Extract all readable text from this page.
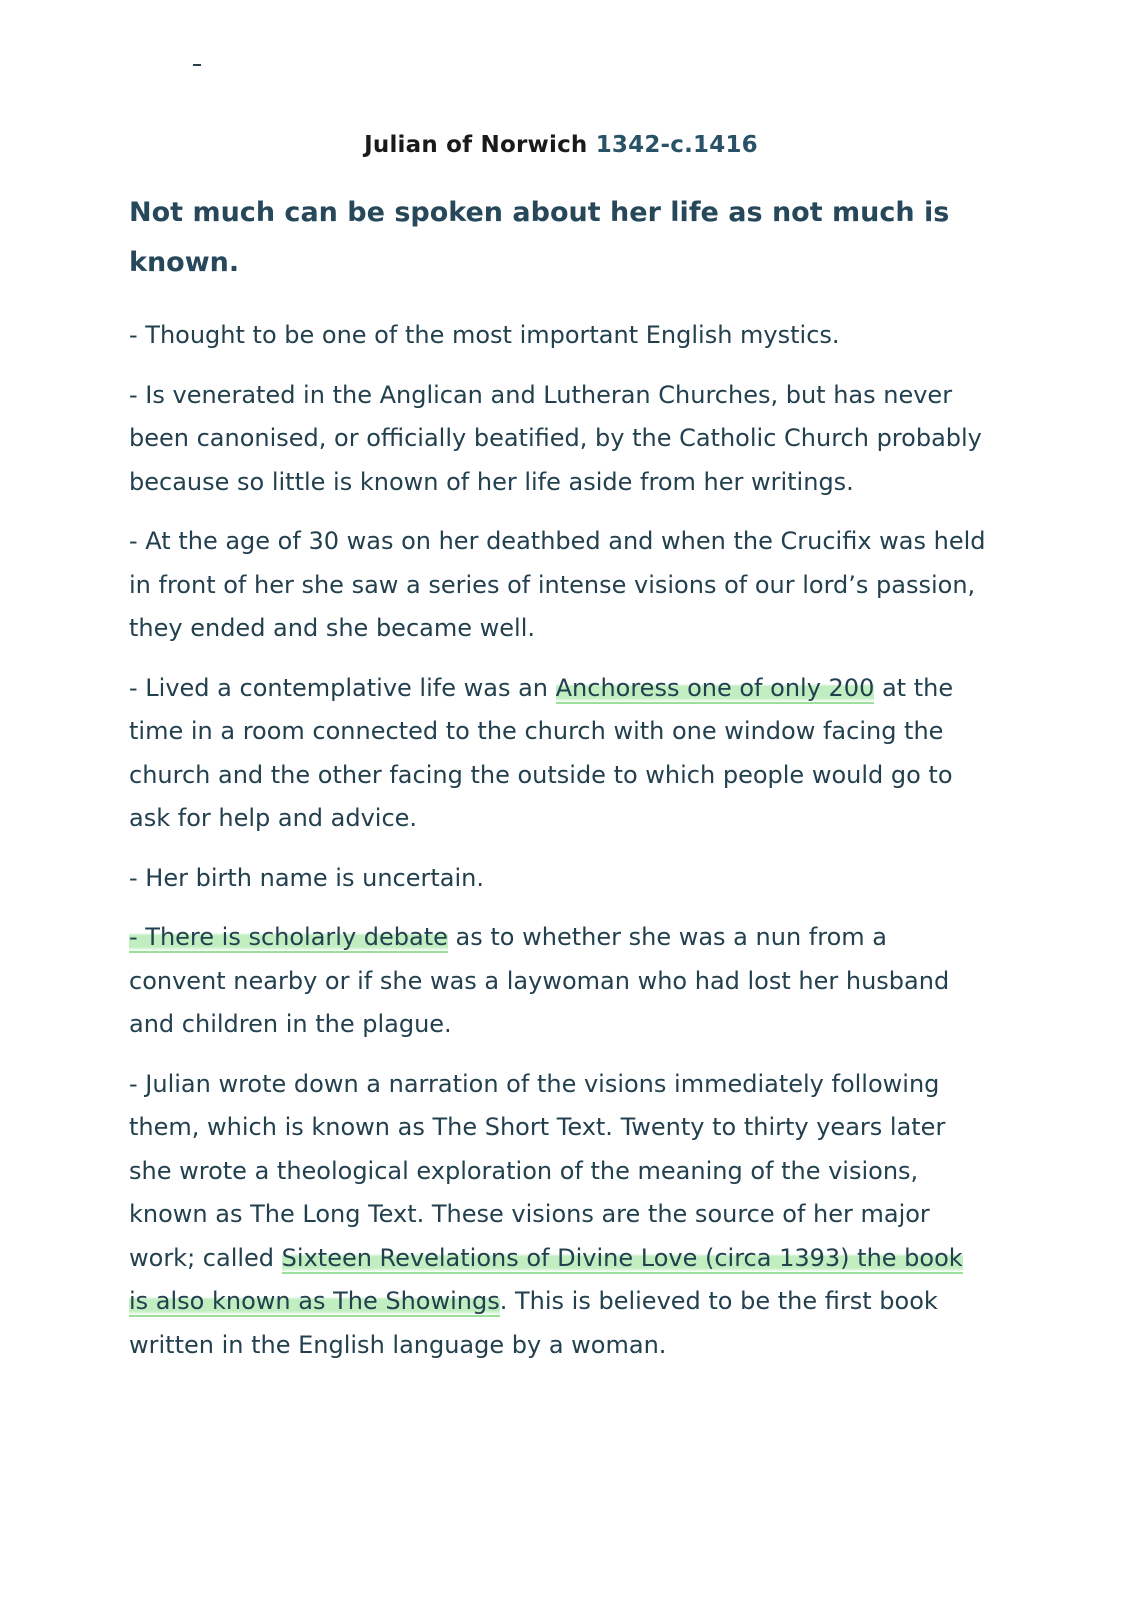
Julian of Norwich 1342-c.1416

Not much can be spoken about her life as not much is known.

- Thought to be one of the most important English mystics.

- Is venerated in the Anglican and Lutheran Churches, but has never been canonised, or officially beatified, by the Catholic Church probably because so little is known of her life aside from her writings.

- At the age of 30 was on her deathbed and when the Crucifix was held in front of her she saw a series of intense visions of our lord’s passion, they ended and she became well.

- Lived a contemplative life was an Anchoress one of only 200 at the time in a room connected to the church with one window facing the church and the other facing the outside to which people would go to ask for help and advice.

- Her birth name is uncertain.

- There is scholarly debate as to whether she was a nun from a convent nearby or if she was a laywoman who had lost her husband and children in the plague.

- Julian wrote down a narration of the visions immediately following them, which is known as The Short Text. Twenty to thirty years later she wrote a theological exploration of the meaning of the visions, known as The Long Text. These visions are the source of her major work; called Sixteen Revelations of Divine Love (circa 1393) the book is also known as The Showings. This is believed to be the first book written in the English language by a woman.
